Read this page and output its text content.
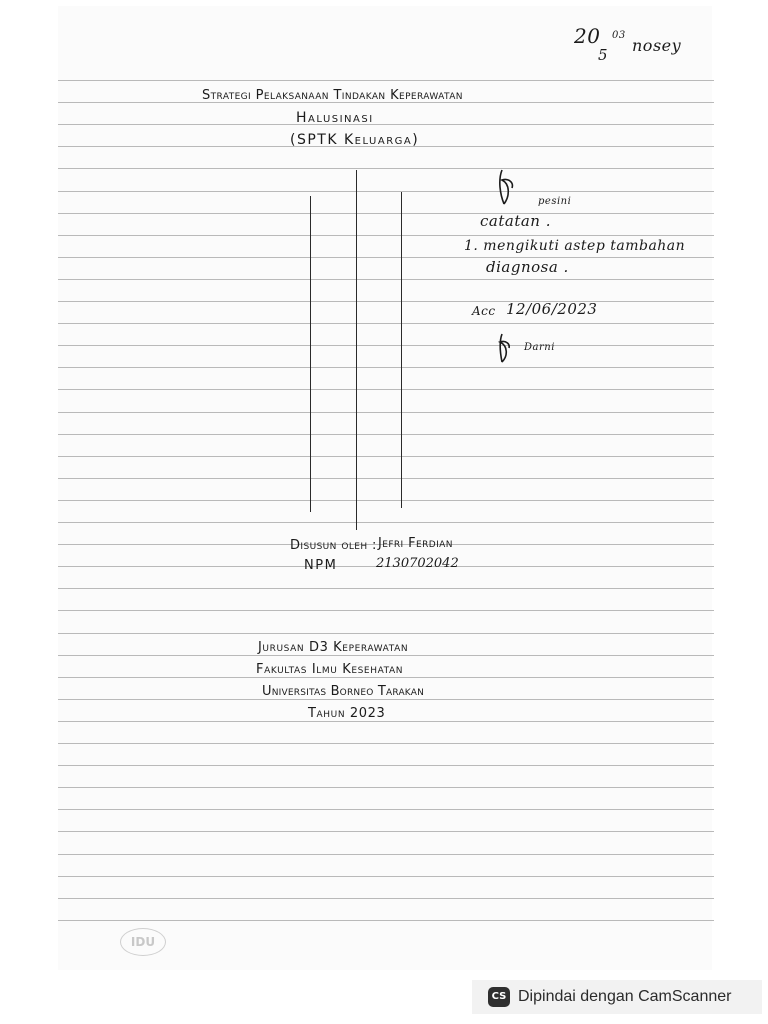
20 03
5 nosey
Strategi Pelaksanaan Tindakan Keperawatan
Halusinasi
(SPTK Keluarga)
pesini
catatan .
1. mengikuti astep tambahan
diagnosa .
Acc 12/06/2023
Darni
Disusun oleh : Jefri Ferdian
NPM	2130702042
Jurusan D3 Keperawatan
Fakultas Ilmu Kesehatan
Universitas Borneo Tarakan
Tahun 2023
IDU
CS Dipindai dengan CamScanner
